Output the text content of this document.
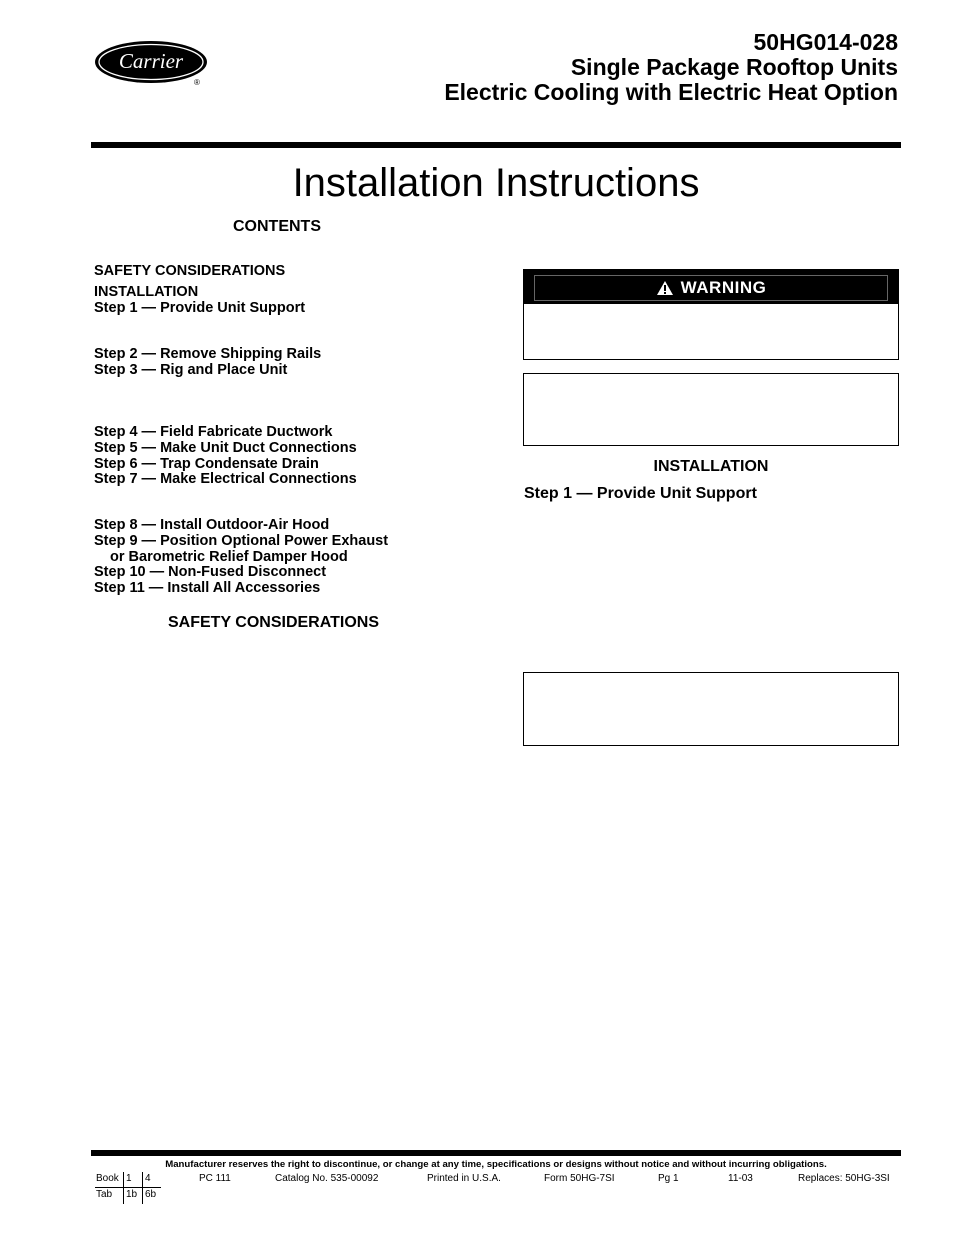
Carrier
®
50HG014-028
Single Package Rooftop Units
Electric Cooling with Electric Heat Option
Installation Instructions
CONTENTS
SAFETY CONSIDERATIONS
INSTALLATION
Step 1 — Provide Unit Support
Step 2 — Remove Shipping Rails
Step 3 — Rig and Place Unit
Step 4 — Field Fabricate Ductwork
Step 5 — Make Unit Duct Connections
Step 6 — Trap Condensate Drain
Step 7 — Make Electrical Connections
Step 8 — Install Outdoor-Air Hood
Step 9 — Position Optional Power Exhaust
or Barometric Relief Damper Hood
Step 10 — Non-Fused Disconnect
Step 11 — Install All Accessories
SAFETY CONSIDERATIONS
WARNING
INSTALLATION
Step 1 — Provide Unit Support
Manufacturer reserves the right to discontinue, or change at any time, specifications or designs without notice and without incurring obligations.
Book 1 4
Tab 1b 6b
PC 111	Catalog No. 535-00092	Printed in U.S.A.	Form 50HG-7SI	Pg 1	11-03	Replaces: 50HG-3SI
